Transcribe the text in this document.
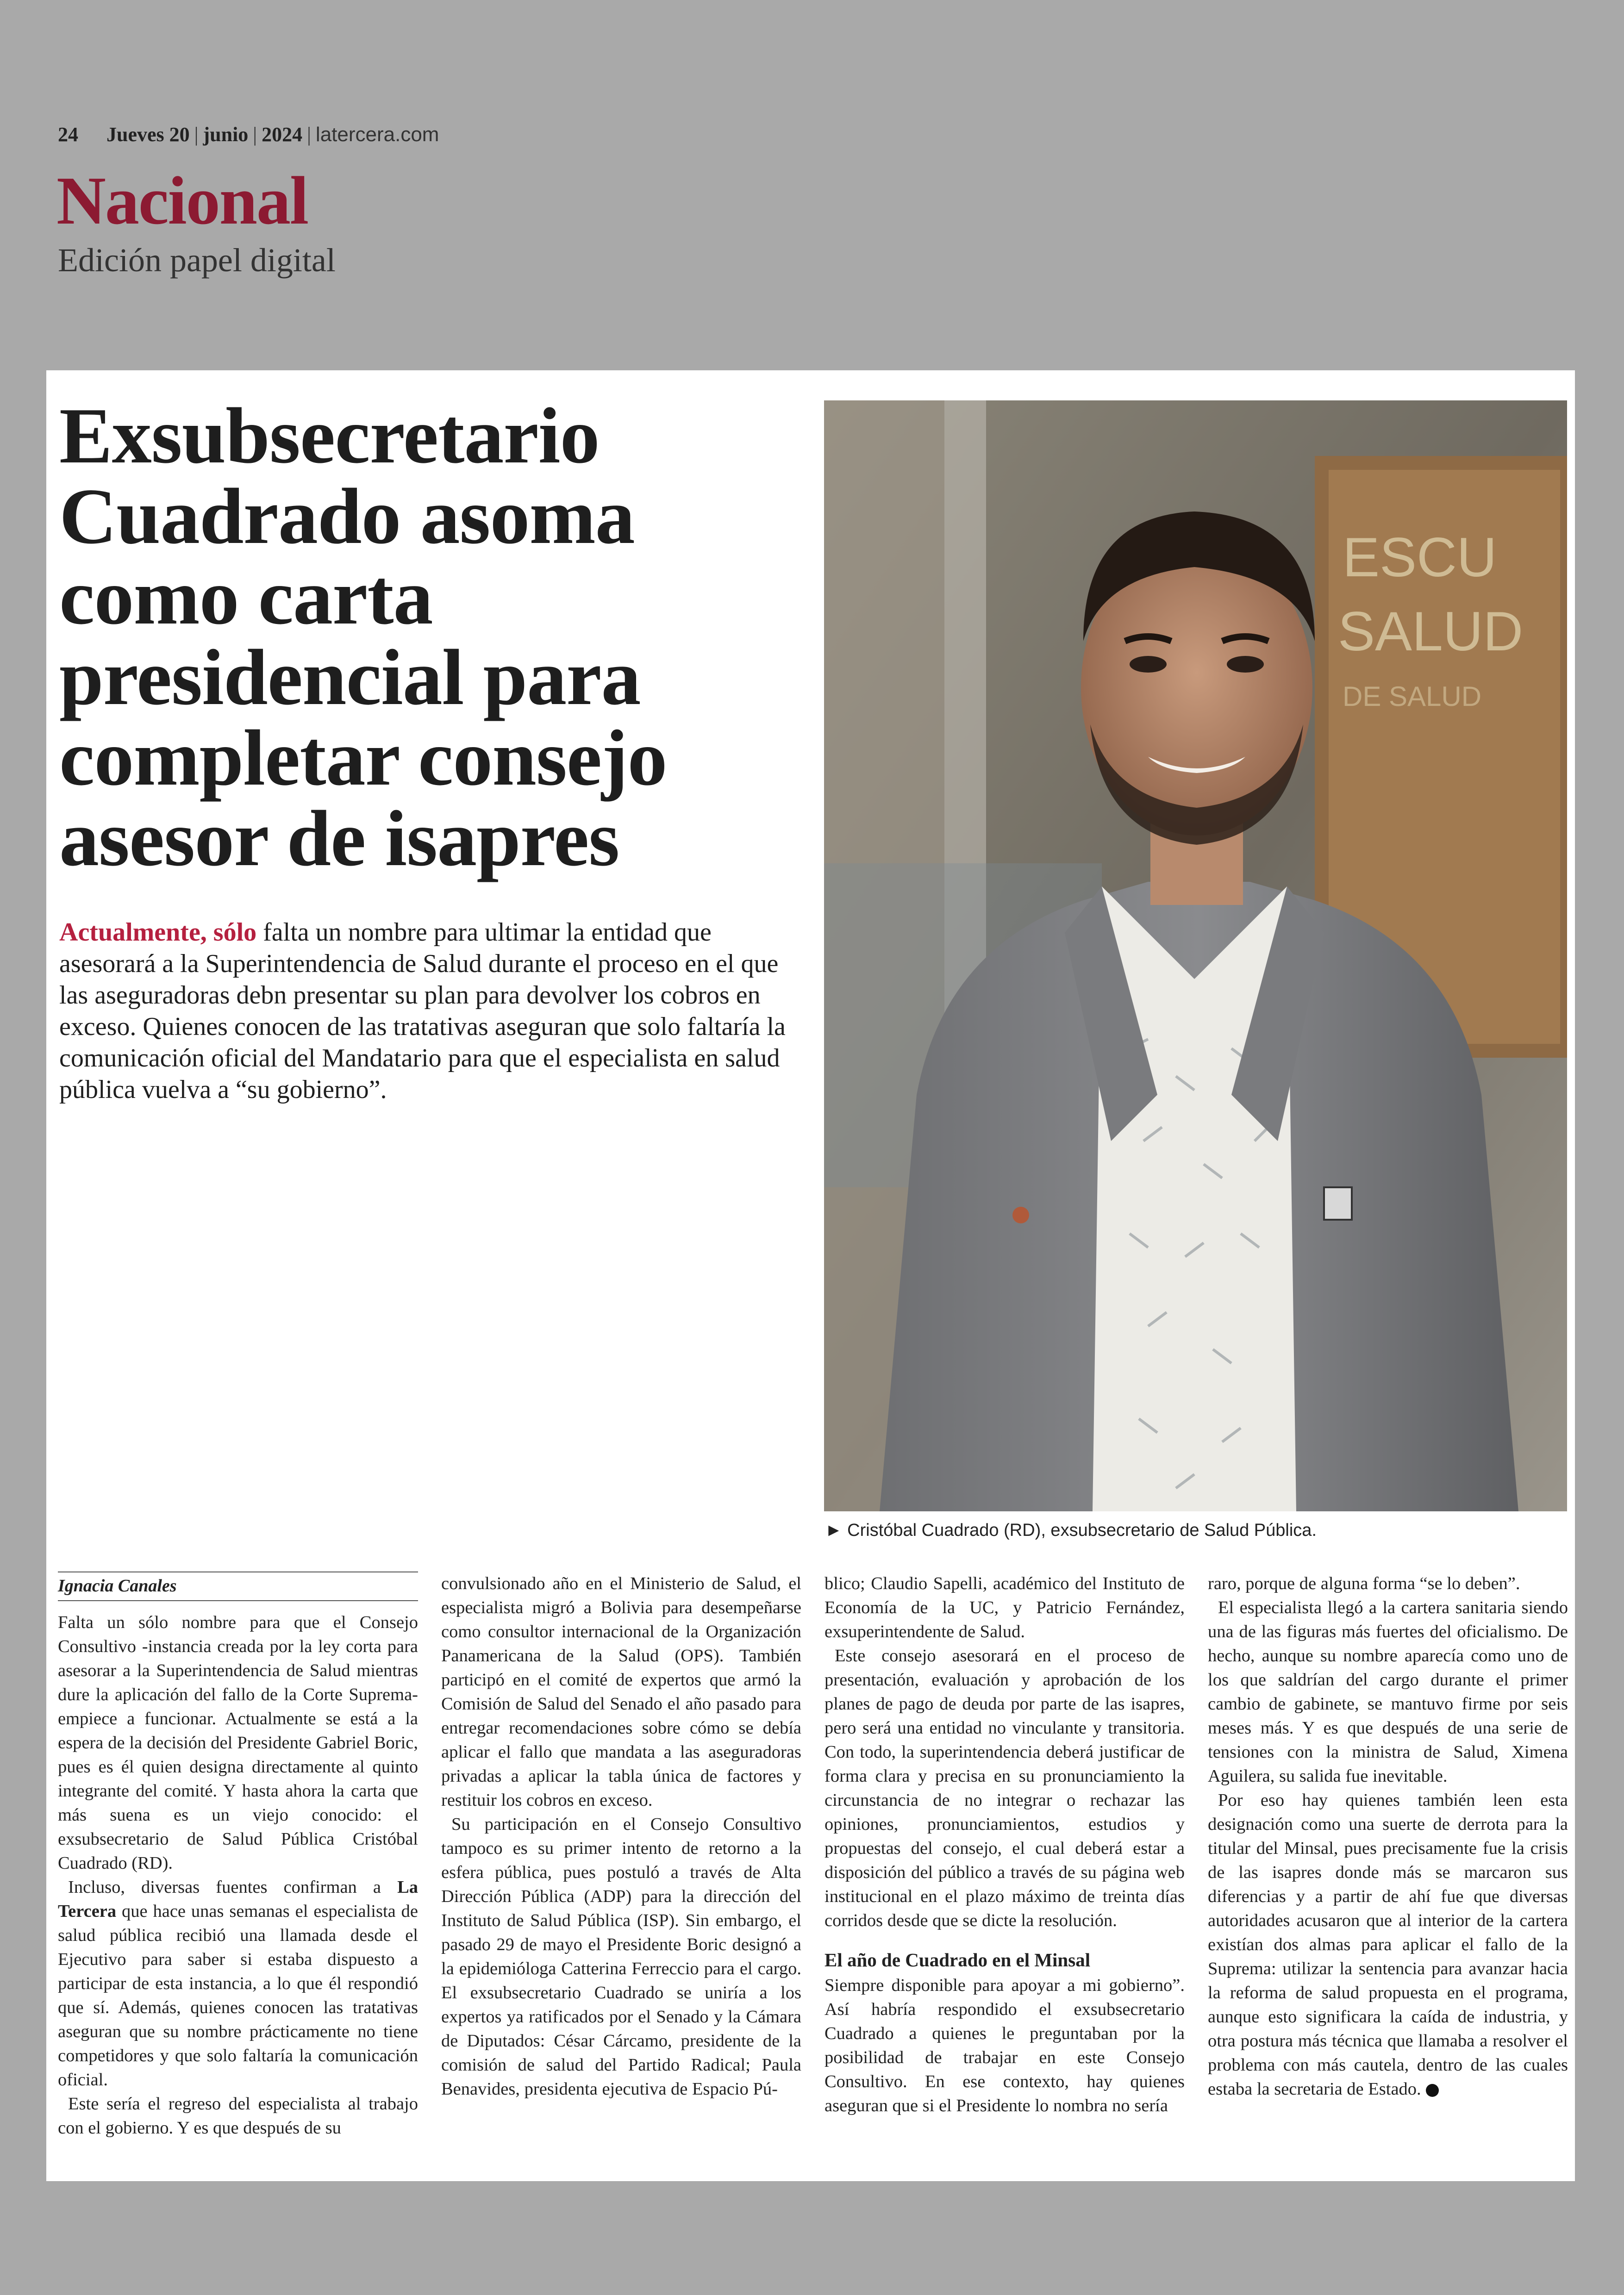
24 Jueves 20 | junio | 2024 | latercera.com
Nacional
Edición papel digital
Exsubsecretario Cuadrado asoma como carta presidencial para completar consejo asesor de isapres

Actualmente, sólo falta un nombre para ultimar la entidad que asesorará a la Superintendencia de Salud durante el proceso en el que las aseguradoras debn presentar su plan para devolver los cobros en exceso. Quienes conocen de las tratativas aseguran que solo faltaría la comunicación oficial del Mandatario para que el especialista en salud pública vuelva a “su gobierno”.

ESCU
SALUD
DE SALUD
► Cristóbal Cuadrado (RD), exsubsecretario de Salud Pública.
Ignacia Canales

Falta un sólo nombre para que el Consejo Consultivo -instancia creada por la ley corta para asesorar a la Superintendencia de Salud mientras dure la aplicación del fallo de la Corte Suprema- empiece a funcionar. Actualmente se está a la espera de la decisión del Presidente Gabriel Boric, pues es él quien designa directamente al quinto integrante del comité. Y hasta ahora la carta que más suena es un viejo conocido: el exsubsecretario de Salud Pública Cristóbal Cuadrado (RD).

Incluso, diversas fuentes confirman a La Tercera que hace unas semanas el especialista de salud pública recibió una llamada desde el Ejecutivo para saber si estaba dispuesto a participar de esta instancia, a lo que él respondió que sí. Además, quienes conocen las tratativas aseguran que su nombre prácticamente no tiene competidores y que solo faltaría la comunicación oficial.

Este sería el regreso del especialista al trabajo con el gobierno. Y es que después de su

convulsionado año en el Ministerio de Salud, el especialista migró a Bolivia para desempeñarse como consultor internacional de la Organización Panamericana de la Salud (OPS). También participó en el comité de expertos que armó la Comisión de Salud del Senado el año pasado para entregar recomendaciones sobre cómo se debía aplicar el fallo que mandata a las aseguradoras privadas a aplicar la tabla única de factores y restituir los cobros en exceso.

Su participación en el Consejo Consultivo tampoco es su primer intento de retorno a la esfera pública, pues postuló a través de Alta Dirección Pública (ADP) para la dirección del Instituto de Salud Pública (ISP). Sin embargo, el pasado 29 de mayo el Presidente Boric designó a la epidemióloga Catterina Ferreccio para el cargo. El exsubsecretario Cuadrado se uniría a los expertos ya ratificados por el Senado y la Cámara de Diputados: César Cárcamo, presidente de la comisión de salud del Partido Radical; Paula Benavides, presidenta ejecutiva de Espacio Pú-

blico; Claudio Sapelli, académico del Instituto de Economía de la UC, y Patricio Fernández, exsuperintendente de Salud.

Este consejo asesorará en el proceso de presentación, evaluación y aprobación de los planes de pago de deuda por parte de las isapres, pero será una entidad no vinculante y transitoria. Con todo, la superintendencia deberá justificar de forma clara y precisa en su pronunciamiento la circunstancia de no integrar o rechazar las opiniones, pronunciamientos, estudios y propuestas del consejo, el cual deberá estar a disposición del público a través de su página web institucional en el plazo máximo de treinta días corridos desde que se dicte la resolución.

El año de Cuadrado en el Minsal

Siempre disponible para apoyar a mi gobierno”. Así habría respondido el exsubsecretario Cuadrado a quienes le preguntaban por la posibilidad de trabajar en este Consejo Consultivo. En ese contexto, hay quienes aseguran que si el Presidente lo nombra no sería

raro, porque de alguna forma “se lo deben”.

El especialista llegó a la cartera sanitaria siendo una de las figuras más fuertes del oficialismo. De hecho, aunque su nombre aparecía como uno de los que saldrían del cargo durante el primer cambio de gabinete, se mantuvo firme por seis meses más. Y es que después de una serie de tensiones con la ministra de Salud, Ximena Aguilera, su salida fue inevitable.

Por eso hay quienes también leen esta designación como una suerte de derrota para la titular del Minsal, pues precisamente fue la crisis de las isapres donde más se marcaron sus diferencias y a partir de ahí fue que diversas autoridades acusaron que al interior de la cartera existían dos almas para aplicar el fallo de la Suprema: utilizar la sentencia para avanzar hacia la reforma de salud propuesta en el programa, aunque esto significara la caída de industria, y otra postura más técnica que llamaba a resolver el problema con más cautela, dentro de las cuales estaba la secretaria de Estado.
